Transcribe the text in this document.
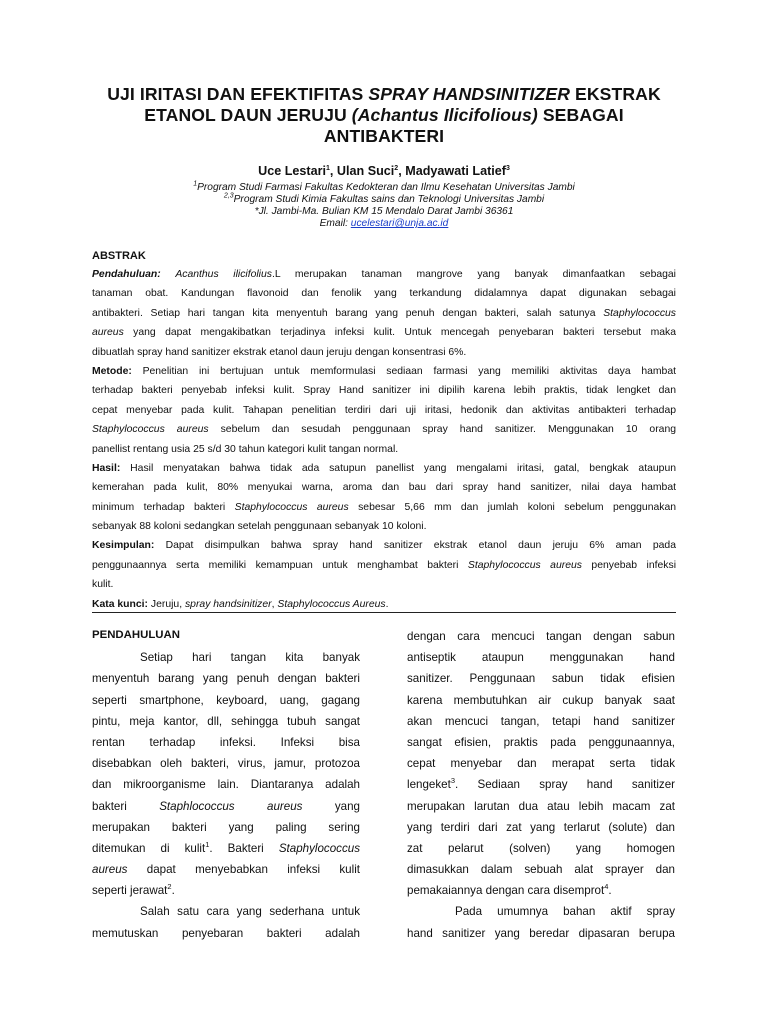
UJI IRITASI DAN EFEKTIFITAS SPRAY HANDSINITIZER EKSTRAK
ETANOL DAUN JERUJU (Achantus Ilicifolious) SEBAGAI
ANTIBAKTERI
Uce Lestari$^1$, Ulan Suci$^2$, Madyawati Latief$^3$
$^1$Program Studi Farmasi Fakultas Kedokteran dan Ilmu Kesehatan Universitas Jambi
$^{2,3}$Program Studi Kimia Fakultas sains dan Teknologi Universitas Jambi
*Jl. Jambi-Ma. Bulian KM 15 Mendalo Darat Jambi 36361
Email: ucelestari@unja.ac.id
ABSTRAK
Pendahuluan: Acanthus ilicifolius.L merupakan tanaman mangrove yang banyak dimanfaatkan sebagai
tanaman obat. Kandungan flavonoid dan fenolik yang terkandung didalamnya dapat digunakan sebagai
antibakteri. Setiap hari tangan kita menyentuh barang yang penuh dengan bakteri, salah satunya Staphylococcus
aureus yang dapat mengakibatkan terjadinya infeksi kulit. Untuk mencegah penyebaran bakteri tersebut maka
dibuatlah spray hand sanitizer ekstrak etanol daun jeruju dengan konsentrasi 6%.
Metode: Penelitian ini bertujuan untuk memformulasi sediaan farmasi yang memiliki aktivitas daya hambat
terhadap bakteri penyebab infeksi kulit. Spray Hand sanitizer ini dipilih karena lebih praktis, tidak lengket dan
cepat menyebar pada kulit. Tahapan penelitian terdiri dari uji iritasi, hedonik dan aktivitas antibakteri terhadap
Staphylococcus aureus sebelum dan sesudah penggunaan spray hand sanitizer. Menggunakan 10 orang
panellist rentang usia 25 s/d 30 tahun kategori kulit tangan normal.
Hasil: Hasil menyatakan bahwa tidak ada satupun panellist yang mengalami iritasi, gatal, bengkak ataupun
kemerahan pada kulit, 80% menyukai warna, aroma dan bau dari spray hand sanitizer, nilai daya hambat
minimum terhadap bakteri Staphylococcus aureus sebesar 5,66 mm dan jumlah koloni sebelum penggunakan
sebanyak 88 koloni sedangkan setelah penggunaan sebanyak 10 koloni.
Kesimpulan: Dapat disimpulkan bahwa spray hand sanitizer ekstrak etanol daun jeruju 6% aman pada
penggunaannya serta memiliki kemampuan untuk menghambat bakteri Staphylococcus aureus penyebab infeksi
kulit.
Kata kunci: Jeruju, spray handsinitizer, Staphylococcus Aureus.
PENDAHULUAN
Setiap hari tangan kita banyak
menyentuh barang yang penuh dengan bakteri
seperti smartphone, keyboard, uang, gagang
pintu, meja kantor, dll, sehingga tubuh sangat
rentan terhadap infeksi. Infeksi bisa
disebabkan oleh bakteri, virus, jamur, protozoa
dan mikroorganisme lain. Diantaranya adalah
bakteri Staphlococcus aureus yang
merupakan bakteri yang paling sering
ditemukan di kulit$^1$. Bakteri Staphylococcus
aureus dapat menyebabkan infeksi kulit
seperti jerawat$^2$.
Salah satu cara yang sederhana untuk
memutuskan penyebaran bakteri adalah
dengan cara mencuci tangan dengan sabun
antiseptik ataupun menggunakan hand
sanitizer. Penggunaan sabun tidak efisien
karena membutuhkan air cukup banyak saat
akan mencuci tangan, tetapi hand sanitizer
sangat efisien, praktis pada penggunaannya,
cepat menyebar dan merapat serta tidak
lengeket$^3$. Sediaan spray hand sanitizer
merupakan larutan dua atau lebih macam zat
yang terdiri dari zat yang terlarut (solute) dan
zat pelarut (solven) yang homogen
dimasukkan dalam sebuah alat sprayer dan
pemakaiannya dengan cara disemprot$^4$.
Pada umumnya bahan aktif spray
hand sanitizer yang beredar dipasaran berupa
